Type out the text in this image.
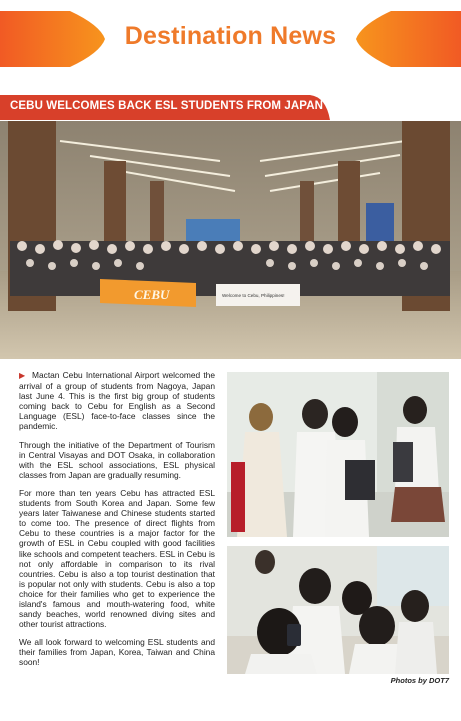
Destination News
CEBU WELCOMES BACK ESL STUDENTS FROM JAPAN
CEBU	Welcome to Cebu, Philippines!

▶ Mactan Cebu International Airport welcomed the arrival of a group of students from Nagoya, Japan last June 4. This is the first big group of students coming back to Cebu for English as a Second Language (ESL) face-to-face classes since the pandemic.

Through the initiative of the Department of Tourism in Central Visayas and DOT Osaka, in collaboration with the ESL school associations, ESL physical classes from Japan are gradually resuming.

For more than ten years Cebu has attracted ESL students from South Korea and Japan. Some few years later Taiwanese and Chinese students started to come too. The presence of direct flights from Cebu to these countries is a major factor for the growth of ESL in Cebu coupled with good facilities like schools and competent teachers. ESL in Cebu is not only affordable in comparison to its rival countries. Cebu is also a top tourist destination that is popular not only with students. Cebu is also a top choice for their families who get to experience the island's famous and mouth-watering food, white sandy beaches, world renowned diving sites and other tourist attractions.

We all look forward to welcoming ESL students and their families from Japan, Korea, Taiwan and China soon!

Photos by DOT7
